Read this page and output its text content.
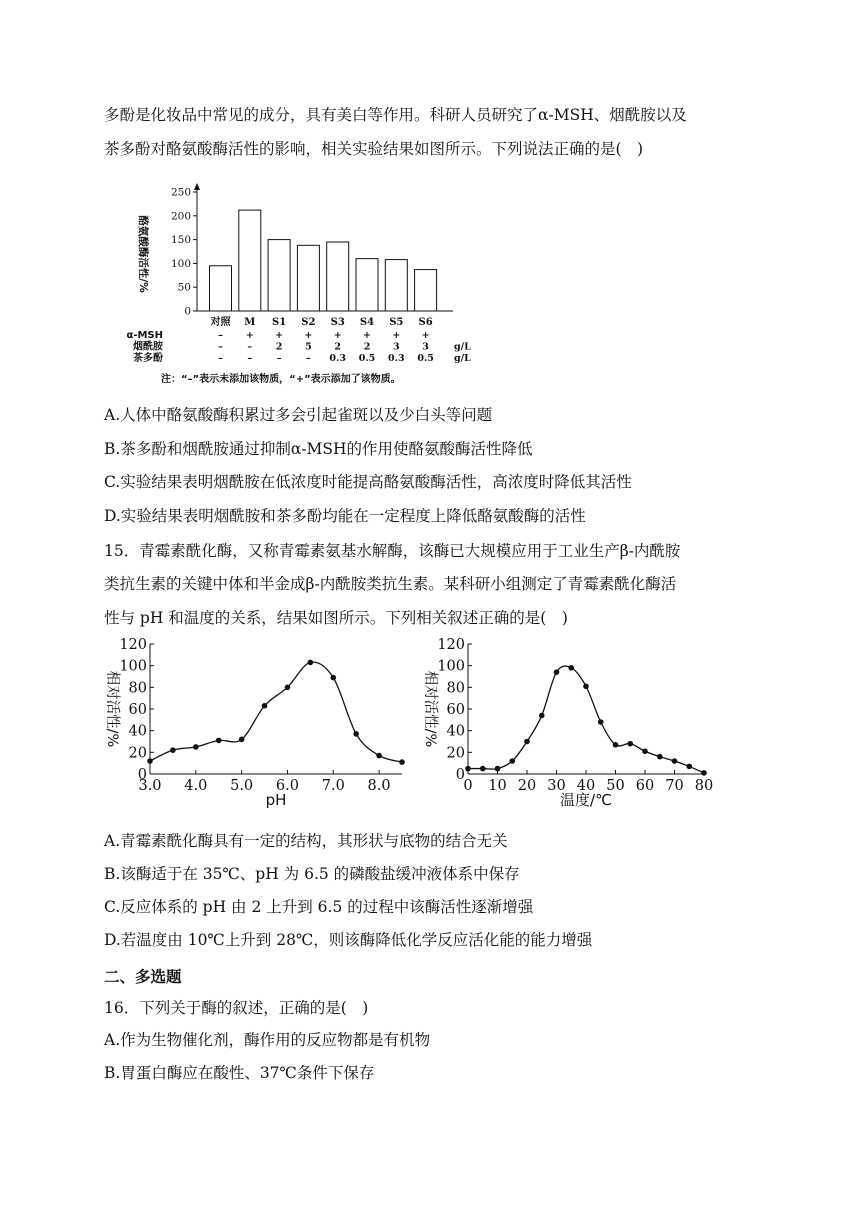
多酚是化妆品中常见的成分，具有美白等作用。科研人员研究了α-MSH、烟酰胺以及
茶多酚对酪氨酸酶活性的影响，相关实验结果如图所示。下列说法正确的是(　)
0
50
100
150
200
250
对照 M S1 S2 S3 S4 S5 S6
α-MSH	– + + + + + + +
烟酰胺	–	– 2 5 2 2 3 3	g/L
茶多酚	–	–	–	– 0.3 0.5 0.3 0.5 g/L
酪氨酸酶活性/%
注：“–”表示未添加该物质，“+”表示添加了该物质。
A.人体中酪氨酸酶积累过多会引起雀斑以及少白头等问题
B.茶多酚和烟酰胺通过抑制α-MSH的作用使酪氨酸酶活性降低
C.实验结果表明烟酰胺在低浓度时能提高酪氨酸酶活性，高浓度时降低其活性
D.实验结果表明烟酰胺和茶多酚均能在一定程度上降低酪氨酸酶的活性
15．青霉素酰化酶，又称青霉素氨基水解酶，该酶已大规模应用于工业生产β-内酰胺
类抗生素的关键中体和半金成β-内酰胺类抗生素。某科研小组测定了青霉素酰化酶活
性与 pH 和温度的关系，结果如图所示。下列相关叙述正确的是(　)
0
20
40
60
80
100
120
3.0 4.0 5.0 6.0 7.0 8.0
pH
相对活性/%
0
20
40
60
80
100
120
0 10 20 30 40 50 60 70 80
温度/℃
相对活性/%
A.青霉素酰化酶具有一定的结构，其形状与底物的结合无关
B.该酶适于在 35℃、pH 为 6.5 的磷酸盐缓冲液体系中保存
C.反应体系的 pH 由 2 上升到 6.5 的过程中该酶活性逐渐增强
D.若温度由 10℃上升到 28℃，则该酶降低化学反应活化能的能力增强
二、多选题
16．下列关于酶的叙述，正确的是(　)
A.作为生物催化剂，酶作用的反应物都是有机物
B.胃蛋白酶应在酸性、37℃条件下保存
